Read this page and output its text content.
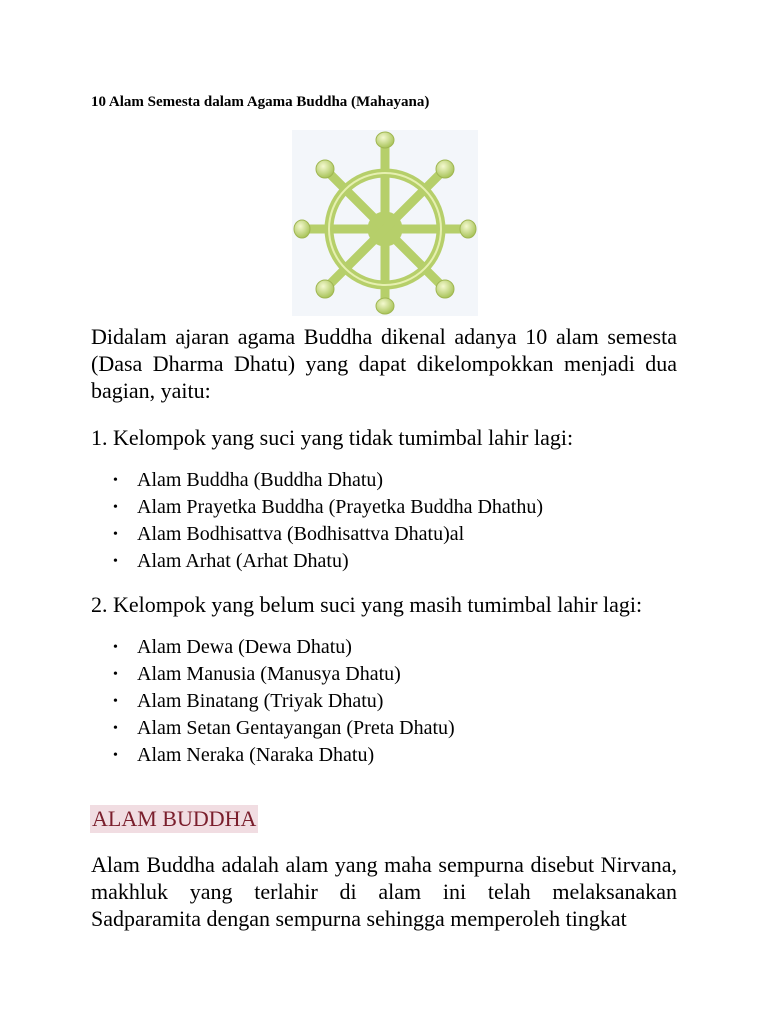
10 Alam Semesta dalam Agama Buddha (Mahayana)

Didalam ajaran agama Buddha dikenal adanya 10 alam semesta (Dasa Dharma Dhatu) yang dapat dikelompokkan menjadi dua bagian, yaitu:

1. Kelompok yang suci yang tidak tumimbal lahir lagi:

• Alam Buddha (Buddha Dhatu)
• Alam Prayetka Buddha (Prayetka Buddha Dhathu)
• Alam Bodhisattva (Bodhisattva Dhatu)al
• Alam Arhat (Arhat Dhatu)

2. Kelompok yang belum suci yang masih tumimbal lahir lagi:

• Alam Dewa (Dewa Dhatu)
• Alam Manusia (Manusya Dhatu)
• Alam Binatang (Triyak Dhatu)
• Alam Setan Gentayangan (Preta Dhatu)
• Alam Neraka (Naraka Dhatu)
ALAM BUDDHA

Alam Buddha adalah alam yang maha sempurna disebut Nirvana, makhluk yang terlahir di alam ini telah melaksanakan Sadparamita dengan sempurna sehingga memperoleh tingkat
